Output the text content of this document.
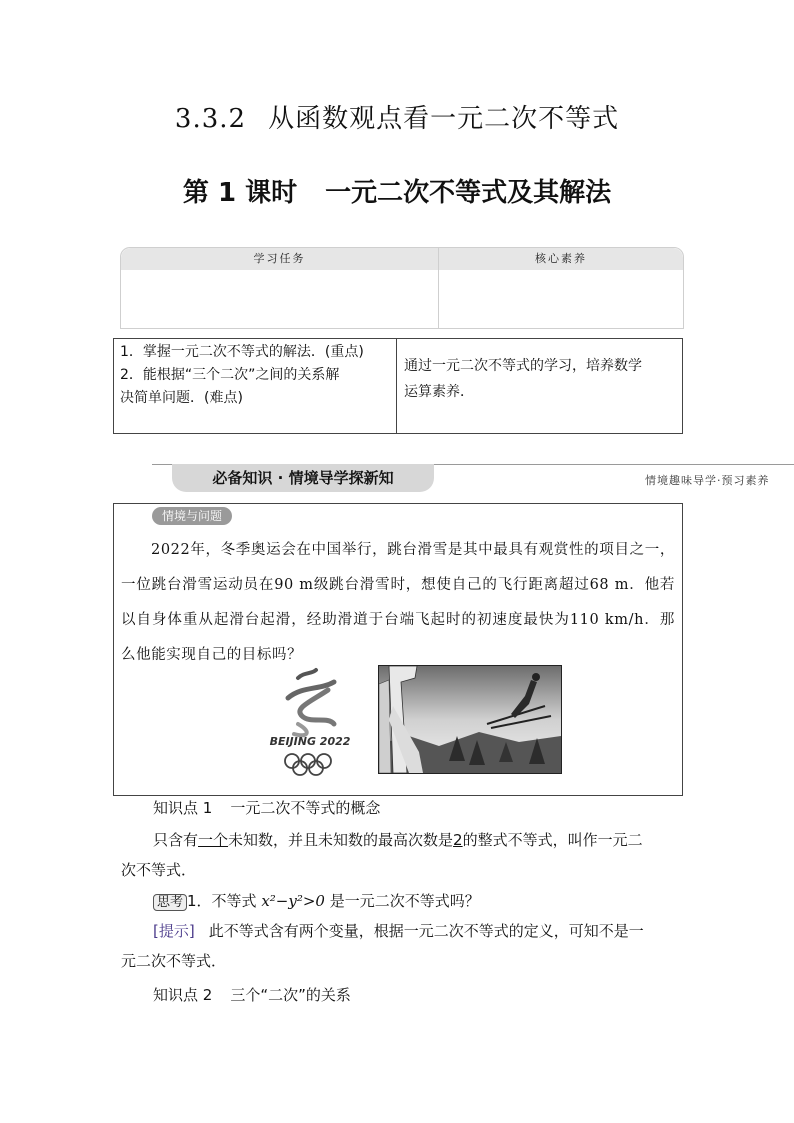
3.3.2 从函数观点看一元二次不等式
第 1 课时 一元二次不等式及其解法
学习任务	核心素养
1．掌握一元二次不等式的解法．(重点)
2．能根据“三个二次”之间的关系解
决简单问题．(难点)
通过一元二次不等式的学习，培养数学
运算素养．
必备知识 · 情境导学探新知	情境趣味导学·预习素养
情境与问题
2022年，冬季奥运会在中国举行，跳台滑雪是其中最具有观赏性的项目之一，一位跳台滑雪运动员在90 m级跳台滑雪时，想使自己的飞行距离超过68 m．他若以自身体重从起滑台起滑，经助滑道于台端飞起时的初速度最快为110 km/h．那么他能实现自己的目标吗？
BEIJING 2022
知识点 1 一元二次不等式的概念
只含有一个未知数，并且未知数的最高次数是2的整式不等式，叫作一元二
次不等式．
思考 1．不等式 x²−y²>0 是一元二次不等式吗？
[提示] 此不等式含有两个变量，根据一元二次不等式的定义，可知不是一
元二次不等式．
知识点 2 三个“二次”的关系
